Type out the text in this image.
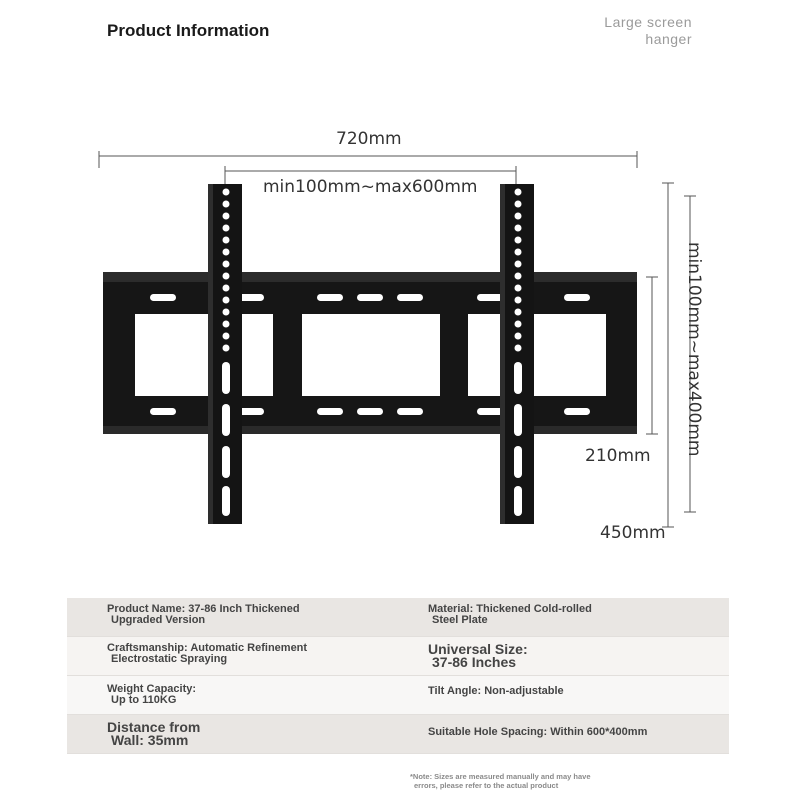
Product Information	Large screen
hanger
720mm
min100mm~max600mm
min100mm~max400mm
210mm
450mm
Product Name: 37-86 Inch Thickened
Upgraded Version
Material: Thickened Cold-rolled
Steel Plate
Craftsmanship: Automatic Refinement
Electrostatic Spraying
Universal Size:
37-86 Inches
Weight Capacity:
Up to 110KG
Tilt Angle: Non-adjustable
Distance from
Wall: 35mm	Suitable Hole Spacing: Within 600*400mm
*Note: Sizes are measured manually and may have
errors, please refer to the actual product
